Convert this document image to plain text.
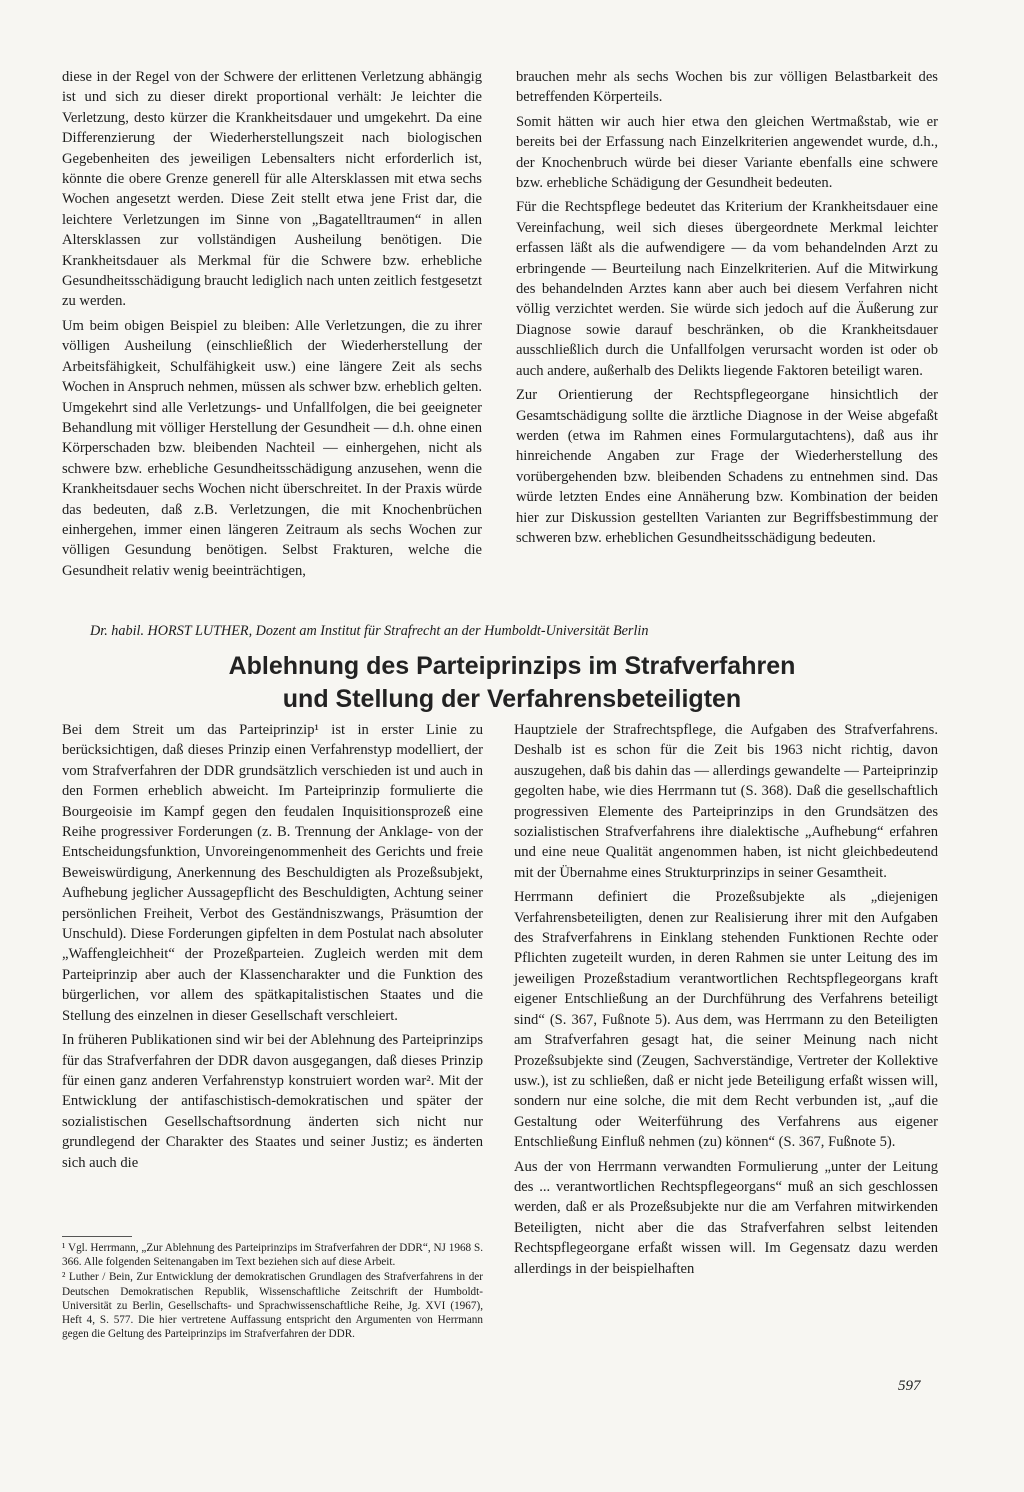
diese in der Regel von der Schwere der erlittenen Verletzung abhängig ist und sich zu dieser direkt proportional verhält: Je leichter die Verletzung, desto kürzer die Krankheitsdauer und umgekehrt. Da eine Differenzierung der Wiederherstellungszeit nach biologischen Gegebenheiten des jeweiligen Lebensalters nicht erforderlich ist, könnte die obere Grenze generell für alle Altersklassen mit etwa sechs Wochen angesetzt werden. Diese Zeit stellt etwa jene Frist dar, die leichtere Verletzungen im Sinne von „Bagatelltraumen“ in allen Altersklassen zur vollständigen Ausheilung benötigen. Die Krankheitsdauer als Merkmal für die Schwere bzw. erhebliche Gesundheitsschädigung braucht lediglich nach unten zeitlich festgesetzt zu werden.

Um beim obigen Beispiel zu bleiben: Alle Verletzungen, die zu ihrer völligen Ausheilung (einschließlich der Wiederherstellung der Arbeitsfähigkeit, Schulfähigkeit usw.) eine längere Zeit als sechs Wochen in Anspruch nehmen, müssen als schwer bzw. erheblich gelten. Umgekehrt sind alle Verletzungs- und Unfallfolgen, die bei geeigneter Behandlung mit völliger Herstellung der Gesundheit — d.h. ohne einen Körperschaden bzw. bleibenden Nachteil — einhergehen, nicht als schwere bzw. erhebliche Gesundheitsschädigung anzusehen, wenn die Krankheitsdauer sechs Wochen nicht überschreitet. In der Praxis würde das bedeuten, daß z.B. Verletzungen, die mit Knochenbrüchen einhergehen, immer einen längeren Zeitraum als sechs Wochen zur völligen Gesundung benötigen. Selbst Frakturen, welche die Gesundheit relativ wenig beeinträchtigen,

brauchen mehr als sechs Wochen bis zur völligen Belastbarkeit des betreffenden Körperteils.

Somit hätten wir auch hier etwa den gleichen Wertmaßstab, wie er bereits bei der Erfassung nach Einzelkriterien angewendet wurde, d.h., der Knochenbruch würde bei dieser Variante ebenfalls eine schwere bzw. erhebliche Schädigung der Gesundheit bedeuten.

Für die Rechtspflege bedeutet das Kriterium der Krankheitsdauer eine Vereinfachung, weil sich dieses übergeordnete Merkmal leichter erfassen läßt als die aufwendigere — da vom behandelnden Arzt zu erbringende — Beurteilung nach Einzelkriterien. Auf die Mitwirkung des behandelnden Arztes kann aber auch bei diesem Verfahren nicht völlig verzichtet werden. Sie würde sich jedoch auf die Äußerung zur Diagnose sowie darauf beschränken, ob die Krankheitsdauer ausschließlich durch die Unfallfolgen verursacht worden ist oder ob auch andere, außerhalb des Delikts liegende Faktoren beteiligt waren.

Zur Orientierung der Rechtspflegeorgane hinsichtlich der Gesamtschädigung sollte die ärztliche Diagnose in der Weise abgefaßt werden (etwa im Rahmen eines Formulargutachtens), daß aus ihr hinreichende Angaben zur Frage der Wiederherstellung des vorübergehenden bzw. bleibenden Schadens zu entnehmen sind. Das würde letzten Endes eine Annäherung bzw. Kombination der beiden hier zur Diskussion gestellten Varianten zur Begriffsbestimmung der schweren bzw. erheblichen Gesundheitsschädigung bedeuten.

Dr. habil. HORST LUTHER, Dozent am Institut für Strafrecht an der Humboldt-Universität Berlin
Ablehnung des Parteiprinzips im Strafverfahren
und Stellung der Verfahrensbeteiligten

Bei dem Streit um das Parteiprinzip¹ ist in erster Linie zu berücksichtigen, daß dieses Prinzip einen Verfahrenstyp modelliert, der vom Strafverfahren der DDR grundsätzlich verschieden ist und auch in den Formen erheblich abweicht. Im Parteiprinzip formulierte die Bourgeoisie im Kampf gegen den feudalen Inquisitionsprozeß eine Reihe progressiver Forderungen (z. B. Trennung der Anklage- von der Entscheidungsfunktion, Unvoreingenommenheit des Gerichts und freie Beweiswürdigung, Anerkennung des Beschuldigten als Prozeßsubjekt, Aufhebung jeglicher Aussagepflicht des Beschuldigten, Achtung seiner persönlichen Freiheit, Verbot des Geständniszwangs, Präsumtion der Unschuld). Diese Forderungen gipfelten in dem Postulat nach absoluter „Waffengleichheit“ der Prozeßparteien. Zugleich werden mit dem Parteiprinzip aber auch der Klassencharakter und die Funktion des bürgerlichen, vor allem des spätkapitalistischen Staates und die Stellung des einzelnen in dieser Gesellschaft verschleiert.

In früheren Publikationen sind wir bei der Ablehnung des Parteiprinzips für das Strafverfahren der DDR davon ausgegangen, daß dieses Prinzip für einen ganz anderen Verfahrenstyp konstruiert worden war². Mit der Entwicklung der antifaschistisch-demokratischen und später der sozialistischen Gesellschaftsordnung änderten sich nicht nur grundlegend der Charakter des Staates und seiner Justiz; es änderten sich auch die

¹ Vgl. Herrmann, „Zur Ablehnung des Parteiprinzips im Strafverfahren der DDR“, NJ 1968 S. 366. Alle folgenden Seitenangaben im Text beziehen sich auf diese Arbeit.

² Luther / Bein, Zur Entwicklung der demokratischen Grundlagen des Strafverfahrens in der Deutschen Demokratischen Republik, Wissenschaftliche Zeitschrift der Humboldt-Universität zu Berlin, Gesellschafts- und Sprachwissenschaftliche Reihe, Jg. XVI (1967), Heft 4, S. 577. Die hier vertretene Auffassung entspricht den Argumenten von Herrmann gegen die Geltung des Parteiprinzips im Strafverfahren der DDR.

Hauptziele der Strafrechtspflege, die Aufgaben des Strafverfahrens. Deshalb ist es schon für die Zeit bis 1963 nicht richtig, davon auszugehen, daß bis dahin das — allerdings gewandelte — Parteiprinzip gegolten habe, wie dies Herrmann tut (S. 368). Daß die gesellschaftlich progressiven Elemente des Parteiprinzips in den Grundsätzen des sozialistischen Strafverfahrens ihre dialektische „Aufhebung“ erfahren und eine neue Qualität angenommen haben, ist nicht gleichbedeutend mit der Übernahme eines Strukturprinzips in seiner Gesamtheit.

Herrmann definiert die Prozeßsubjekte als „diejenigen Verfahrensbeteiligten, denen zur Realisierung ihrer mit den Aufgaben des Strafverfahrens in Einklang stehenden Funktionen Rechte oder Pflichten zugeteilt wurden, in deren Rahmen sie unter Leitung des im jeweiligen Prozeßstadium verantwortlichen Rechtspflegeorgans kraft eigener Entschließung an der Durchführung des Verfahrens beteiligt sind“ (S. 367, Fußnote 5). Aus dem, was Herrmann zu den Beteiligten am Strafverfahren gesagt hat, die seiner Meinung nach nicht Prozeßsubjekte sind (Zeugen, Sachverständige, Vertreter der Kollektive usw.), ist zu schließen, daß er nicht jede Beteiligung erfaßt wissen will, sondern nur eine solche, die mit dem Recht verbunden ist, „auf die Gestaltung oder Weiterführung des Verfahrens aus eigener Entschließung Einfluß nehmen (zu) können“ (S. 367, Fußnote 5).

Aus der von Herrmann verwandten Formulierung „unter der Leitung des ... verantwortlichen Rechtspflegeorgans“ muß an sich geschlossen werden, daß er als Prozeßsubjekte nur die am Verfahren mitwirkenden Beteiligten, nicht aber die das Strafverfahren selbst leitenden Rechtspflegeorgane erfaßt wissen will. Im Gegensatz dazu werden allerdings in der beispielhaften

597
